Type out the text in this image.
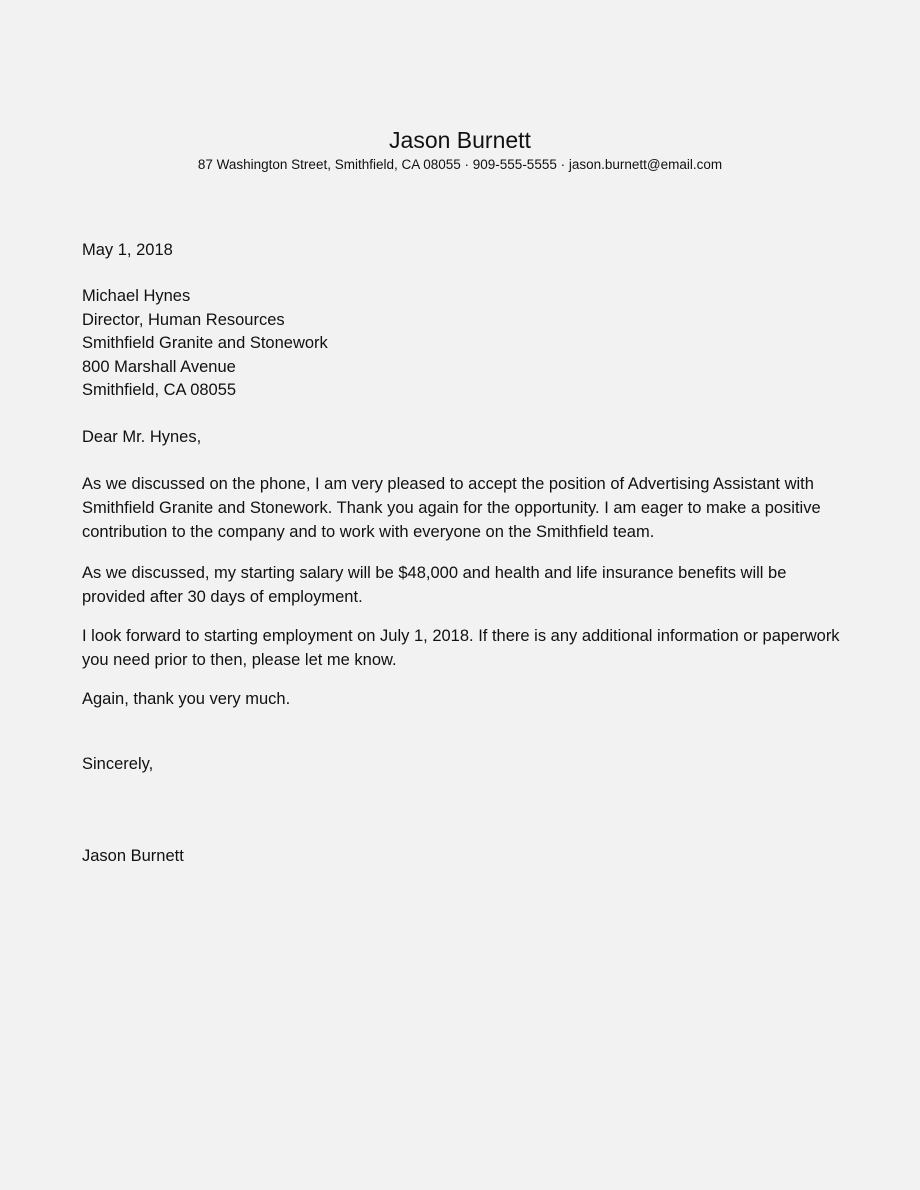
Jason Burnett
87 Washington Street, Smithfield, CA 08055 · 909-555-5555 · jason.burnett@email.com
May 1, 2018
Michael Hynes
Director, Human Resources
Smithfield Granite and Stonework
800 Marshall Avenue
Smithfield, CA 08055
Dear Mr. Hynes,
As we discussed on the phone, I am very pleased to accept the position of Advertising Assistant with Smithfield Granite and Stonework. Thank you again for the opportunity. I am eager to make a positive contribution to the company and to work with everyone on the Smithfield team.
As we discussed, my starting salary will be $48,000 and health and life insurance benefits will be provided after 30 days of employment.
I look forward to starting employment on July 1, 2018. If there is any additional information or paperwork you need prior to then, please let me know.
Again, thank you very much.
Sincerely,
Jason Burnett
